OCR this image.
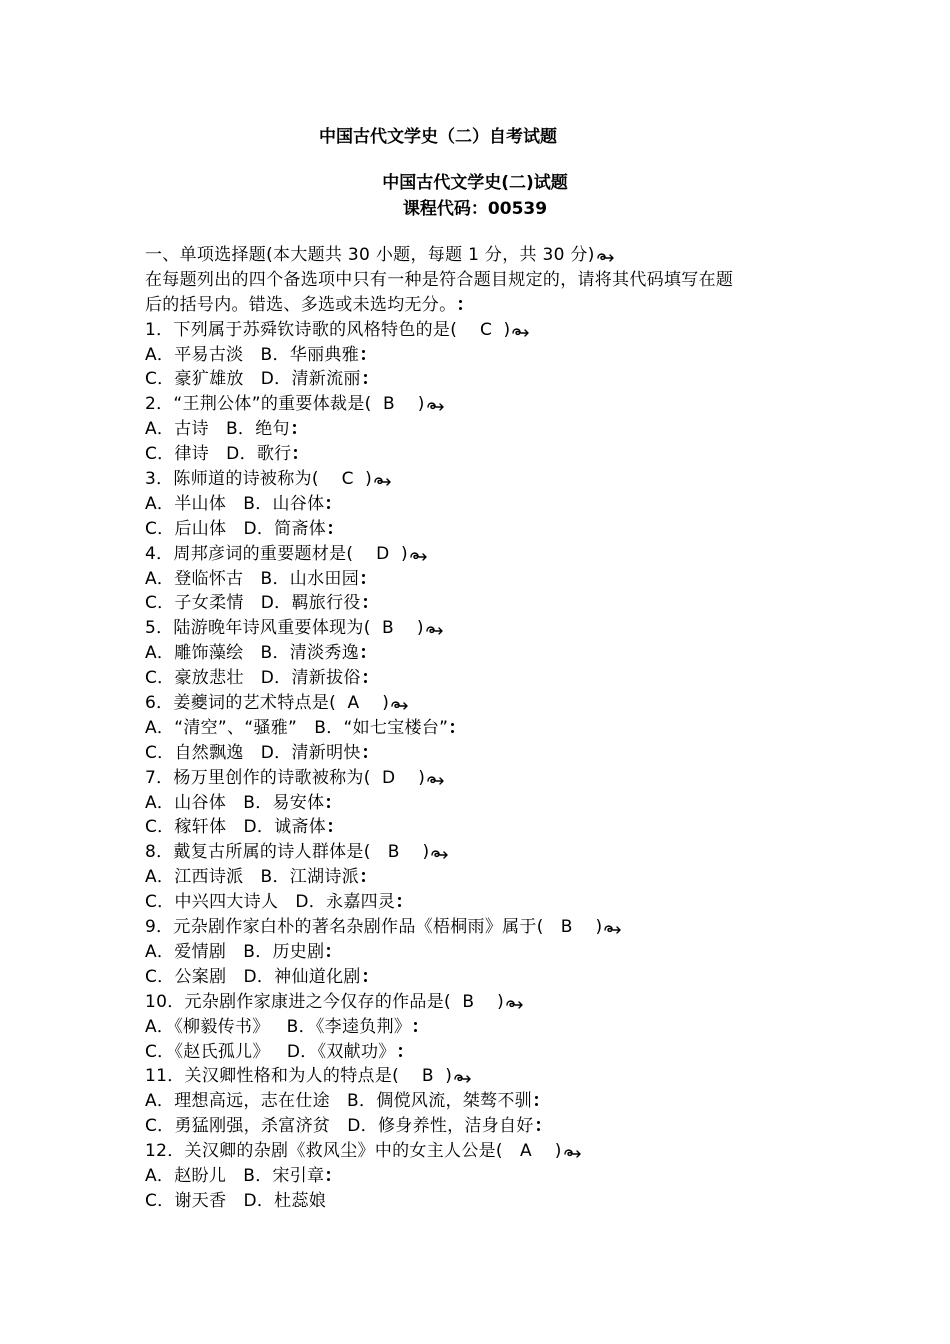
中国古代文学史（二）自考试题
中国古代文学史(二)试题
课程代码：00539
一、单项选择题(本大题共 30 小题，每题 1 分，共 30 分)
在每题列出的四个备选项中只有一种是符合题目规定的，请将其代码填写在题
后的括号内。错选、多选或未选均无分。
1．下列属于苏舜钦诗歌的风格特色的是(    C  )
A．平易古淡   B．华丽典雅
C．豪犷雄放   D．清新流丽
2．“王荆公体”的重要体裁是(  B    )
A．古诗   B．绝句
C．律诗   D．歌行
3．陈师道的诗被称为(    C  )
A．半山体   B．山谷体
C．后山体   D．简斋体
4．周邦彦词的重要题材是(    D  )
A．登临怀古   B．山水田园
C．子女柔情   D．羁旅行役
5．陆游晚年诗风重要体现为(  B    )
A．雕饰藻绘   B．清淡秀逸
C．豪放悲壮   D．清新拔俗
6．姜夔词的艺术特点是(  A    )
A．“清空”、“骚雅”   B．“如七宝楼台”
C．自然飘逸   D．清新明快
7．杨万里创作的诗歌被称为(  D    )
A．山谷体   B．易安体
C．稼轩体   D．诚斋体
8．戴复古所属的诗人群体是(   B    )
A．江西诗派   B．江湖诗派
C．中兴四大诗人   D．永嘉四灵
9．元杂剧作家白朴的著名杂剧作品《梧桐雨》属于(   B    )
A．爱情剧   B．历史剧
C．公案剧   D．神仙道化剧
10．元杂剧作家康进之今仅存的作品是(  B    )
A．《柳毅传书》   B．《李逵负荆》
C．《赵氏孤儿》   D．《双献功》
11．关汉卿性格和为人的特点是(    B  )
A．理想高远，志在仕途   B．倜傥风流，桀骜不驯
C．勇猛刚强，杀富济贫   D．修身养性，洁身自好
12．关汉卿的杂剧《救风尘》中的女主人公是(   A    )
A．赵盼儿   B．宋引章
C．谢天香   D．杜蕊娘
